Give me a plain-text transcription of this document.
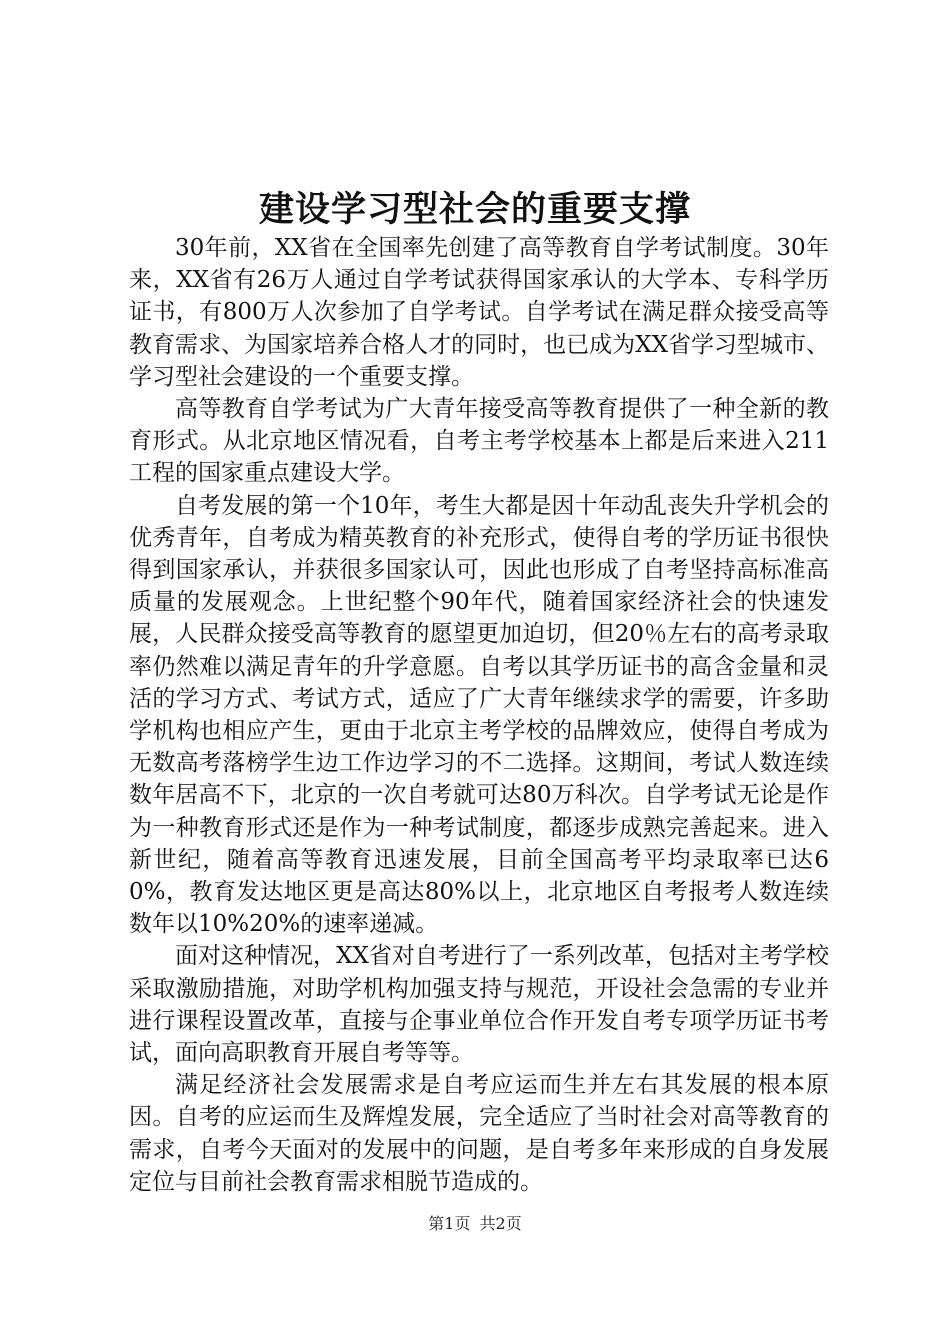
建设学习型社会的重要支撑

30年前，XX省在全国率先创建了高等教育自学考试制度。30年来，XX省有26万人通过自学考试获得国家承认的大学本、专科学历证书，有800万人次参加了自学考试。自学考试在满足群众接受高等教育需求、为国家培养合格人才的同时，也已成为XX省学习型城市、学习型社会建设的一个重要支撑。

高等教育自学考试为广大青年接受高等教育提供了一种全新的教育形式。从北京地区情况看，自考主考学校基本上都是后来进入211工程的国家重点建设大学。

自考发展的第一个10年，考生大都是因十年动乱丧失升学机会的优秀青年，自考成为精英教育的补充形式，使得自考的学历证书很快得到国家承认，并获很多国家认可，因此也形成了自考坚持高标准高质量的发展观念。上世纪整个90年代，随着国家经济社会的快速发展，人民群众接受高等教育的愿望更加迫切，但20％左右的高考录取率仍然难以满足青年的升学意愿。自考以其学历证书的高含金量和灵活的学习方式、考试方式，适应了广大青年继续求学的需要，许多助学机构也相应产生，更由于北京主考学校的品牌效应，使得自考成为无数高考落榜学生边工作边学习的不二选择。这期间，考试人数连续数年居高不下，北京的一次自考就可达80万科次。自学考试无论是作为一种教育形式还是作为一种考试制度，都逐步成熟完善起来。进入新世纪，随着高等教育迅速发展，目前全国高考平均录取率已达60%，教育发达地区更是高达80%以上，北京地区自考报考人数连续数年以10%20%的速率递减。

面对这种情况，XX省对自考进行了一系列改革，包括对主考学校采取激励措施，对助学机构加强支持与规范，开设社会急需的专业并进行课程设置改革，直接与企事业单位合作开发自考专项学历证书考试，面向高职教育开展自考等等。

满足经济社会发展需求是自考应运而生并左右其发展的根本原因。自考的应运而生及辉煌发展，完全适应了当时社会对高等教育的需求，自考今天面对的发展中的问题，是自考多年来形成的自身发展定位与目前社会教育需求相脱节造成的。

第1页 共2页
